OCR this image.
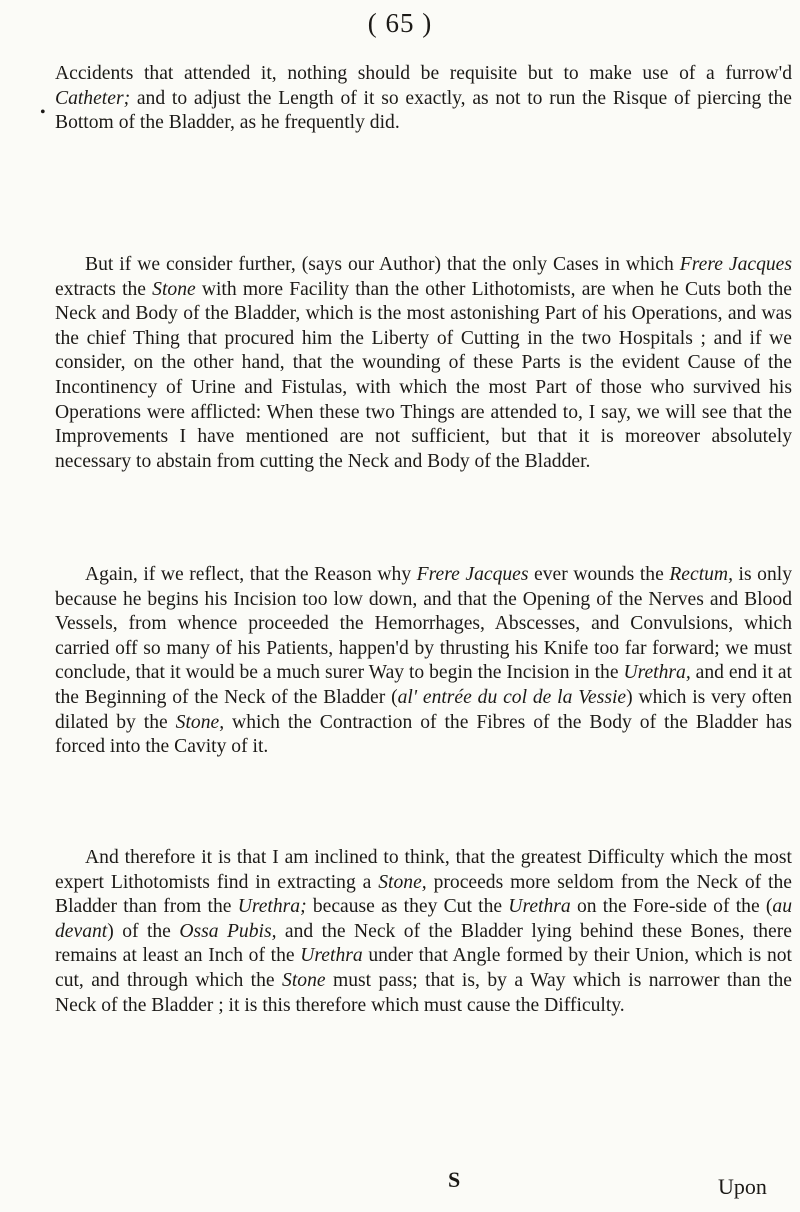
( 65 )
•

Accidents that attended it, nothing should be requisite but to make use of a furrow'd Catheter; and to adjust the Length of it so exactly, as not to run the Risque of piercing the Bottom of the Bladder, as he frequently did.

But if we consider further, (says our Author) that the only Cases in which Frere Jacques extracts the Stone with more Facility than the other Lithotomists, are when he Cuts both the Neck and Body of the Bladder, which is the most astonishing Part of his Operations, and was the chief Thing that procured him the Liberty of Cutting in the two Hospitals ; and if we consider, on the other hand, that the wounding of these Parts is the evident Cause of the Incontinency of Urine and Fistulas, with which the most Part of those who survived his Operations were afflicted: When these two Things are attended to, I say, we will see that the Improvements I have mentioned are not sufficient, but that it is moreover absolutely necessary to abstain from cutting the Neck and Body of the Bladder.

Again, if we reflect, that the Reason why Frere Jacques ever wounds the Rectum, is only because he begins his Incision too low down, and that the Opening of the Nerves and Blood Vessels, from whence proceeded the Hemorrhages, Abscesses, and Convulsions, which carried off so many of his Patients, happen'd by thrusting his Knife too far forward; we must conclude, that it would be a much surer Way to begin the Incision in the Urethra, and end it at the Beginning of the Neck of the Bladder (al' entrée du col de la Vessie) which is very often dilated by the Stone, which the Contraction of the Fibres of the Body of the Bladder has forced into the Cavity of it.

And therefore it is that I am inclined to think, that the greatest Difficulty which the most expert Lithotomists find in extracting a Stone, proceeds more seldom from the Neck of the Bladder than from the Urethra; because as they Cut the Urethra on the Fore-side of the (au devant) of the Ossa Pubis, and the Neck of the Bladder lying behind these Bones, there remains at least an Inch of the Urethra under that Angle formed by their Union, which is not cut, and through which the Stone must pass; that is, by a Way which is narrower than the Neck of the Bladder ; it is this therefore which must cause the Difficulty.

S	Upon
